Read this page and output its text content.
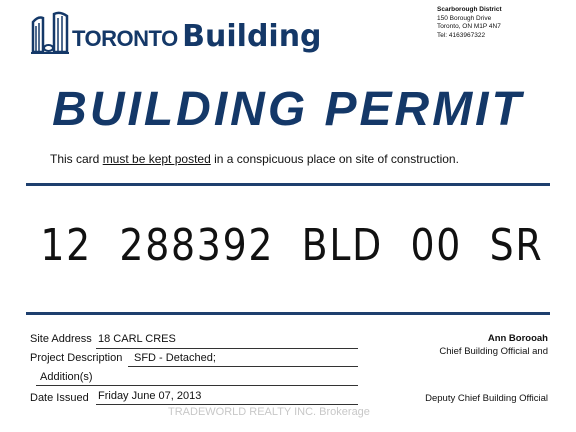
TORONTO Building
Scarborough District
150 Borough Drive
Toronto, ON M1P 4N7
Tel: 4163967322
BUILDING PERMIT
This card must be kept posted in a conspicuous place on site of construction.
12  288392  BLD  00  SR
Site Address 18 CARL CRES
Project Description SFD - Detached;
Addition(s)
Date Issued Friday June 07, 2013
Ann Borooah
Chief Building Official and
Deputy Chief Building Official
TRADEWORLD REALTY INC. Brokerage
